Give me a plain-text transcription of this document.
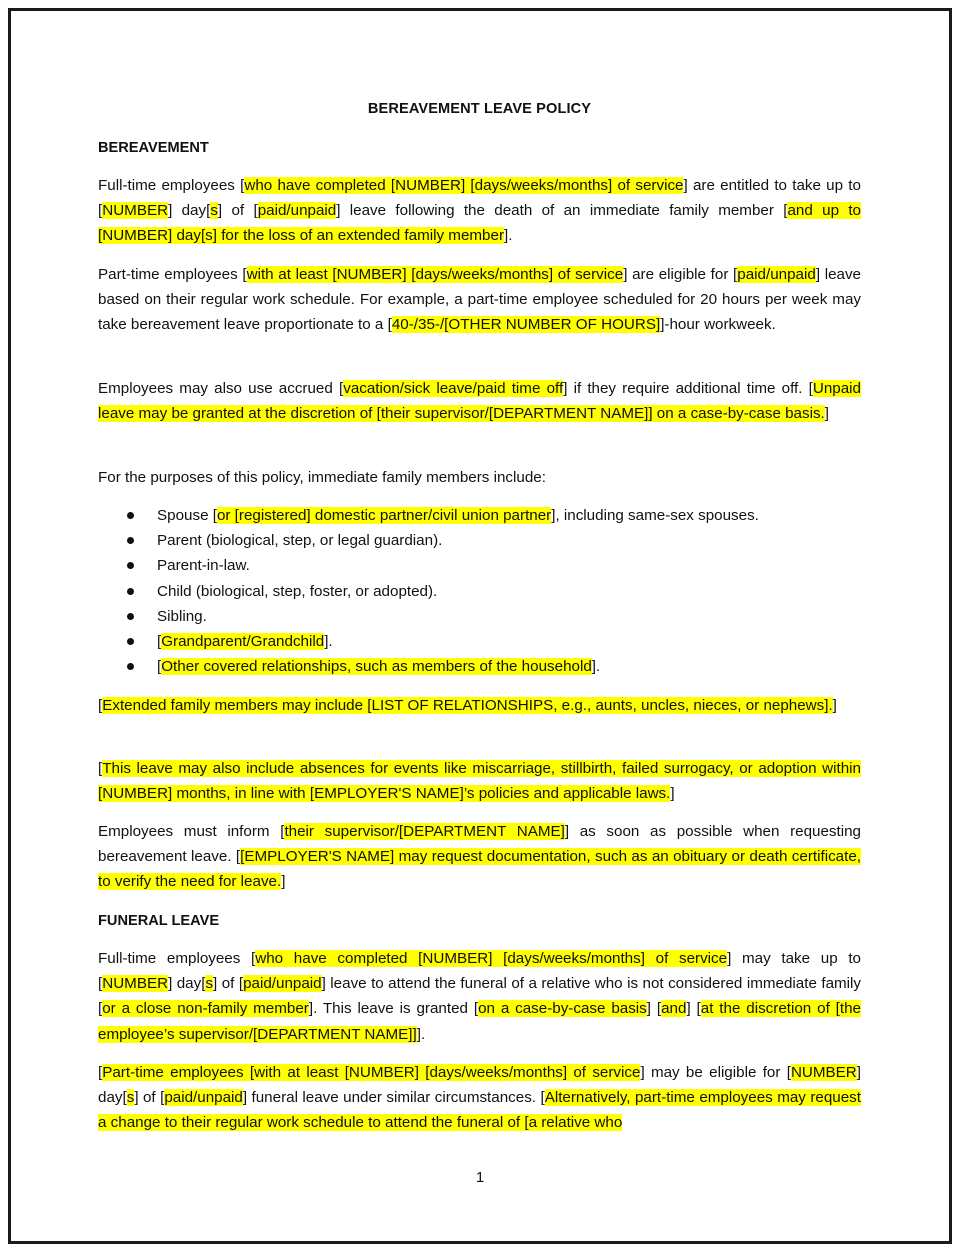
BEREAVEMENT LEAVE POLICY
BEREAVEMENT

Full-time employees [who have completed [NUMBER] [days/weeks/months] of service] are entitled to take up to [NUMBER] day[s] of [paid/unpaid] leave following the death of an immediate family member [and up to [NUMBER] day[s] for the loss of an extended family member].

Part-time employees [with at least [NUMBER] [days/weeks/months] of service] are eligible for [paid/unpaid] leave based on their regular work schedule. For example, a part-time employee scheduled for 20 hours per week may take bereavement leave proportionate to a [40-/35-/[OTHER NUMBER OF HOURS]]-hour workweek.

Employees may also use accrued [vacation/sick leave/paid time off] if they require additional time off. [Unpaid leave may be granted at the discretion of [their supervisor/[DEPARTMENT NAME]] on a case-by-case basis.]

For the purposes of this policy, immediate family members include:

Spouse [or [registered] domestic partner/civil union partner], including same-sex spouses.
Parent (biological, step, or legal guardian).
Parent-in-law.
Child (biological, step, foster, or adopted).
Sibling.
[Grandparent/Grandchild].
[Other covered relationships, such as members of the household].

[Extended family members may include [LIST OF RELATIONSHIPS, e.g., aunts, uncles, nieces, or nephews].]

[This leave may also include absences for events like miscarriage, stillbirth, failed surrogacy, or adoption within [NUMBER] months, in line with [EMPLOYER'S NAME]’s policies and applicable laws.]

Employees must inform [their supervisor/[DEPARTMENT NAME]] as soon as possible when requesting bereavement leave. [[EMPLOYER'S NAME] may request documentation, such as an obituary or death certificate, to verify the need for leave.]

FUNERAL LEAVE

Full-time employees [who have completed [NUMBER] [days/weeks/months] of service] may take up to [NUMBER] day[s] of [paid/unpaid] leave to attend the funeral of a relative who is not considered immediate family [or a close non-family member]. This leave is granted [on a case-by-case basis] [and] [at the discretion of [the employee’s supervisor/[DEPARTMENT NAME]]].

[Part-time employees [with at least [NUMBER] [days/weeks/months] of service] may be eligible for [NUMBER] day[s] of [paid/unpaid] funeral leave under similar circumstances. [Alternatively, part-time employees may request a change to their regular work schedule to attend the funeral of [a relative who

1
